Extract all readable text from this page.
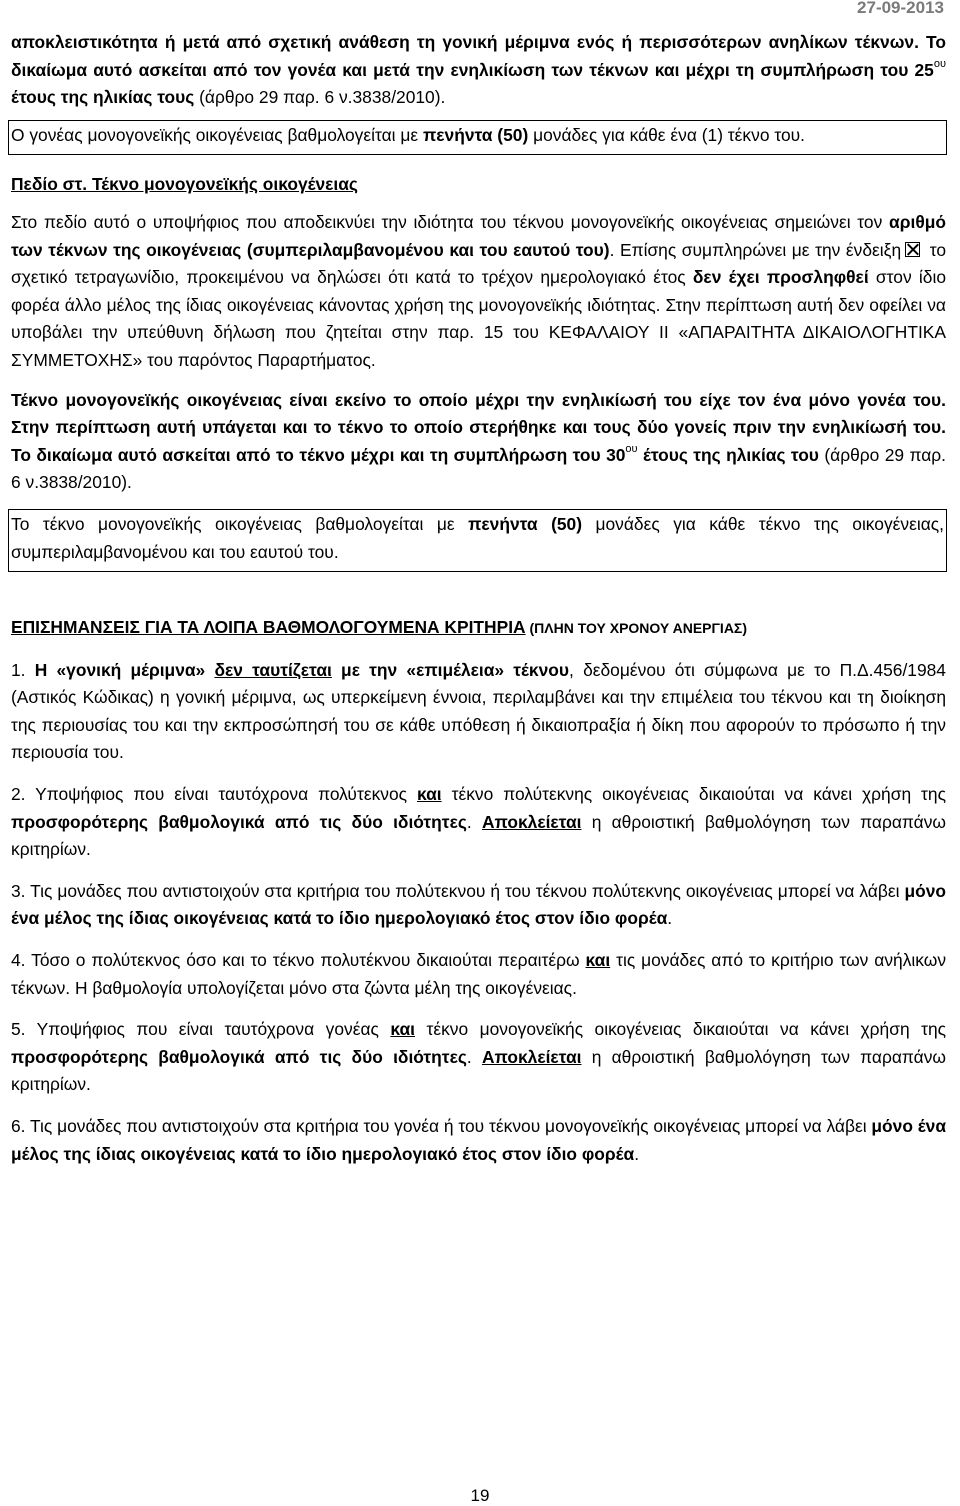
27-09-2013

αποκλειστικότητα ή μετά από σχετική ανάθεση τη γονική μέριμνα ενός ή περισσότερων ανηλίκων τέκνων. Το δικαίωμα αυτό ασκείται από τον γονέα και μετά την ενηλικίωση των τέκνων και μέχρι τη συμπλήρωση του $25^{o\upsilon}$ έτους της ηλικίας τους (άρθρο 29 παρ. 6 ν.3838/2010).

Ο γονέας μονογονεϊκής οικογένειας βαθμολογείται με πενήντα (50) μονάδες για κάθε ένα (1) τέκνο του.

Πεδίο στ. Τέκνο μονογονεϊκής οικογένειας

Στο πεδίο αυτό ο υποψήφιος που αποδεικνύει την ιδιότητα του τέκνου μονογονεϊκής οικογένειας σημειώνει τον αριθμό των τέκνων της οικογένειας (συμπεριλαμβανομένου και του εαυτού του). Επίσης συμπληρώνει με την ένδειξη το σχετικό τετραγωνίδιο, προκειμένου να δηλώσει ότι κατά το τρέχον ημερολογιακό έτος δεν έχει προσληφθεί στον ίδιο φορέα άλλο μέλος της ίδιας οικογένειας κάνοντας χρήση της μονογονεϊκής ιδιότητας. Στην περίπτωση αυτή δεν οφείλει να υποβάλει την υπεύθυνη δήλωση που ζητείται στην παρ. 15 του ΚΕΦΑΛΑΙΟΥ ΙΙ «ΑΠΑΡΑΙΤΗΤΑ ΔΙΚΑΙΟΛΟΓΗΤΙΚΑ ΣΥΜΜΕΤΟΧΗΣ» του παρόντος Παραρτήματος.

Τέκνο μονογονεϊκής οικογένειας είναι εκείνο το οποίο μέχρι την ενηλικίωσή του είχε τον ένα μόνο γονέα του. Στην περίπτωση αυτή υπάγεται και το τέκνο το οποίο στερήθηκε και τους δύο γονείς πριν την ενηλικίωσή του. Το δικαίωμα αυτό ασκείται από το τέκνο μέχρι και τη συμπλήρωση του $30^{o\upsilon}$ έτους της ηλικίας του (άρθρο 29 παρ. 6 ν.3838/2010).

Το τέκνο μονογονεϊκής οικογένειας βαθμολογείται με πενήντα (50) μονάδες για κάθε τέκνο της οικογένειας, συμπεριλαμβανομένου και του εαυτού του.

ΕΠΙΣΗΜΑΝΣΕΙΣ ΓΙΑ ΤΑ ΛΟΙΠΑ ΒΑΘΜΟΛΟΓΟΥΜΕΝΑ ΚΡΙΤΗΡΙΑ (ΠΛΗΝ ΤΟΥ ΧΡΟΝΟΥ ΑΝΕΡΓΙΑΣ)

1. Η «γονική μέριμνα» δεν ταυτίζεται με την «επιμέλεια» τέκνου, δεδομένου ότι σύμφωνα με το Π.Δ.456/1984 (Αστικός Κώδικας) η γονική μέριμνα, ως υπερκείμενη έννοια, περιλαμβάνει και την επιμέλεια του τέκνου και τη διοίκηση της περιουσίας του και την εκπροσώπησή του σε κάθε υπόθεση ή δικαιοπραξία ή δίκη που αφορούν το πρόσωπο ή την περιουσία του.

2. Υποψήφιος που είναι ταυτόχρονα πολύτεκνος και τέκνο πολύτεκνης οικογένειας δικαιούται να κάνει χρήση της προσφορότερης βαθμολογικά από τις δύο ιδιότητες. Αποκλείεται η αθροιστική βαθμολόγηση των παραπάνω κριτηρίων.

3. Τις μονάδες που αντιστοιχούν στα κριτήρια του πολύτεκνου ή του τέκνου πολύτεκνης οικογένειας μπορεί να λάβει μόνο ένα μέλος της ίδιας οικογένειας κατά το ίδιο ημερολογιακό έτος στον ίδιο φορέα.

4. Τόσο ο πολύτεκνος όσο και το τέκνο πολυτέκνου δικαιούται περαιτέρω και τις μονάδες από το κριτήριο των ανήλικων τέκνων. Η βαθμολογία υπολογίζεται μόνο στα ζώντα μέλη της οικογένειας.

5. Υποψήφιος που είναι ταυτόχρονα γονέας και τέκνο μονογονεϊκής οικογένειας δικαιούται να κάνει χρήση της προσφορότερης βαθμολογικά από τις δύο ιδιότητες. Αποκλείεται η αθροιστική βαθμολόγηση των παραπάνω κριτηρίων.

6. Τις μονάδες που αντιστοιχούν στα κριτήρια του γονέα ή του τέκνου μονογονεϊκής οικογένειας μπορεί να λάβει μόνο ένα μέλος της ίδιας οικογένειας κατά το ίδιο ημερολογιακό έτος στον ίδιο φορέα.

19
